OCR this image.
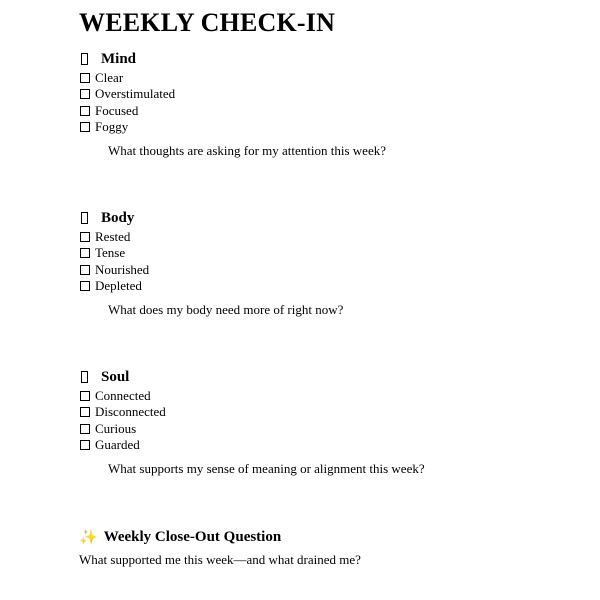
WEEKLY CHECK-IN
Mind
Clear
Overstimulated
Focused
Foggy

What thoughts are asking for my attention this week?

Body
Rested
Tense
Nourished
Depleted

What does my body need more of right now?

Soul
Connected
Disconnected
Curious
Guarded

What supports my sense of meaning or alignment this week?

✨ Weekly Close-Out Question

What supported me this week—and what drained me?
